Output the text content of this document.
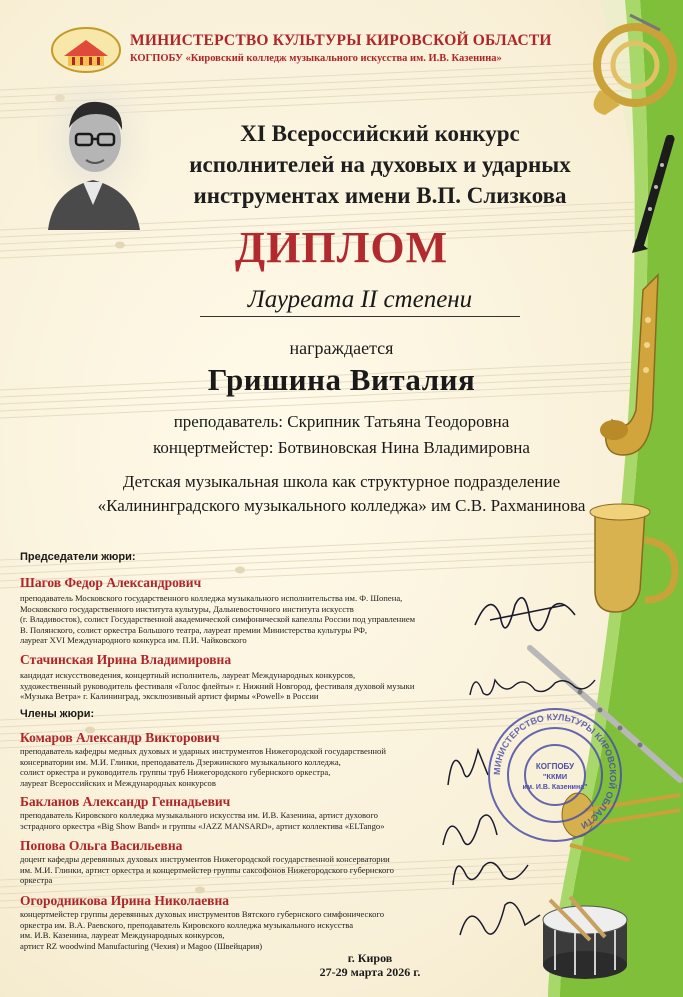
МИНИСТЕРСТВО КУЛЬТУРЫ КИРОВСКОЙ ОБЛАСТИ
КОГПОБУ «Кировский колледж музыкального искусства им. И.В. Казенина»
XI Всероссийский конкурс
исполнителей на духовых и ударных
инструментах имени В.П. Слизкова
ДИПЛОМ
Лауреата II степени
награждается
Гришина Виталия
преподаватель: Скрипник Татьяна Теодоровна
концертмейстер: Ботвиновская Нина Владимировна
Детская музыкальная школа как структурное подразделение
«Калининградского музыкального колледжа» им С.В. Рахманинова
Председатели жюри:
Шагов Федор Александрович
преподаватель Московского государственного колледжа музыкального исполнительства им. Ф. Шопена,
Московского государственного института культуры, Дальневосточного института искусств
(г. Владивосток), солист Государственной академической симфонической капеллы России под управлением
В. Полянского, солист оркестра Большого театра, лауреат премии Министерства культуры РФ,
лауреат XVI Международного конкурса им. П.И. Чайковского
Стачинская Ирина Владимировна
кандидат искусствоведения, концертный исполнитель, лауреат Международных конкурсов,
художественный руководитель фестиваля «Голос флейты» г. Нижний Новгород, фестиваля духовой музыки
«Музыка Ветра» г. Калининград, эксклюзивный артист фирмы «Powell» в России
Члены жюри:
Комаров Александр Викторович
преподаватель кафедры медных духовых и ударных инструментов Нижегородской государственной
консерватории им. М.И. Глинки, преподаватель Дзержинского музыкального колледжа,
солист оркестра и руководитель группы труб Нижегородского губернского оркестра,
лауреат Всероссийских и Международных конкурсов
Бакланов Александр Геннадьевич
преподаватель Кировского колледжа музыкального искусства им. И.В. Казенина, артист духового
эстрадного оркестра «Big Show Band» и группы «JAZZ MANSARD», артист коллектива «ELTango»
Попова Ольга Васильевна
доцент кафедры деревянных духовых инструментов Нижегородской государственной консерватории
им. М.И. Глинки, артист оркестра и концертмейстер группы саксофонов Нижегородского губернского
оркестра
Огородникова Ирина Николаевна
концертмейстер группы деревянных духовых инструментов Вятского губернского симфонического
оркестра им. В.А. Раевского, преподаватель Кировского колледжа музыкального искусства
им. И.В. Казенина, лауреат Международных конкурсов,
артист RZ woodwind Manufacturing (Чехия) и Magoo (Швейцария)
МИНИСТЕРСТВО КУЛЬТУРЫ КИРОВСКОЙ ОБЛАСТИ
КОГПОБУ
"ККМИ
им. И.В. Казенина"
г. Киров
27-29 марта 2026 г.
